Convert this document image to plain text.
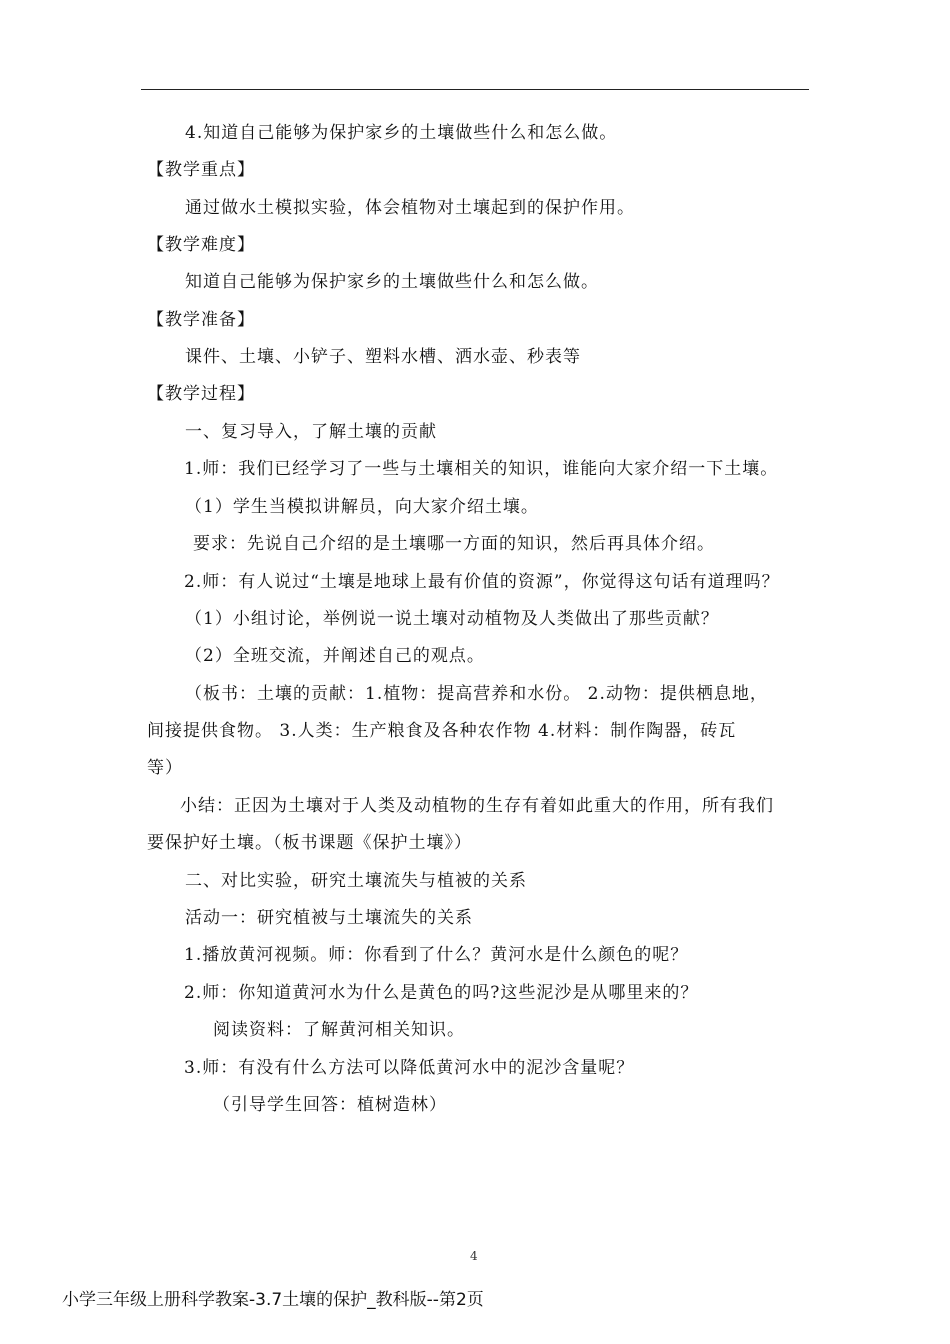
4.知道自己能够为保护家乡的土壤做些什么和怎么做。
【教学重点】
通过做水土模拟实验，体会植物对土壤起到的保护作用。
【教学难度】
知道自己能够为保护家乡的土壤做些什么和怎么做。
【教学准备】
课件、土壤、小铲子、塑料水槽、洒水壶、秒表等
【教学过程】
一、复习导入，了解土壤的贡献
1.师：我们已经学习了一些与土壤相关的知识，谁能向大家介绍一下土壤。
（1）学生当模拟讲解员，向大家介绍土壤。
要求：先说自己介绍的是土壤哪一方面的知识，然后再具体介绍。
2.师：有人说过“土壤是地球上最有价值的资源”，你觉得这句话有道理吗？
（1）小组讨论，举例说一说土壤对动植物及人类做出了那些贡献？
（2）全班交流，并阐述自己的观点。
（板书：土壤的贡献：1.植物：提高营养和水份。 2.动物：提供栖息地，
间接提供食物。 3.人类：生产粮食及各种农作物 4.材料：制作陶器，砖瓦
等）
小结：正因为土壤对于人类及动植物的生存有着如此重大的作用，所有我们
要保护好土壤。（板书课题《保护土壤》）
二、对比实验，研究土壤流失与植被的关系
活动一：研究植被与土壤流失的关系
1.播放黄河视频。师：你看到了什么？黄河水是什么颜色的呢？
2.师：你知道黄河水为什么是黄色的吗?这些泥沙是从哪里来的？
阅读资料：了解黄河相关知识。
3.师：有没有什么方法可以降低黄河水中的泥沙含量呢？
（引导学生回答：植树造林）
4
小学三年级上册科学教案-3.7土壤的保护_教科版--第2页
